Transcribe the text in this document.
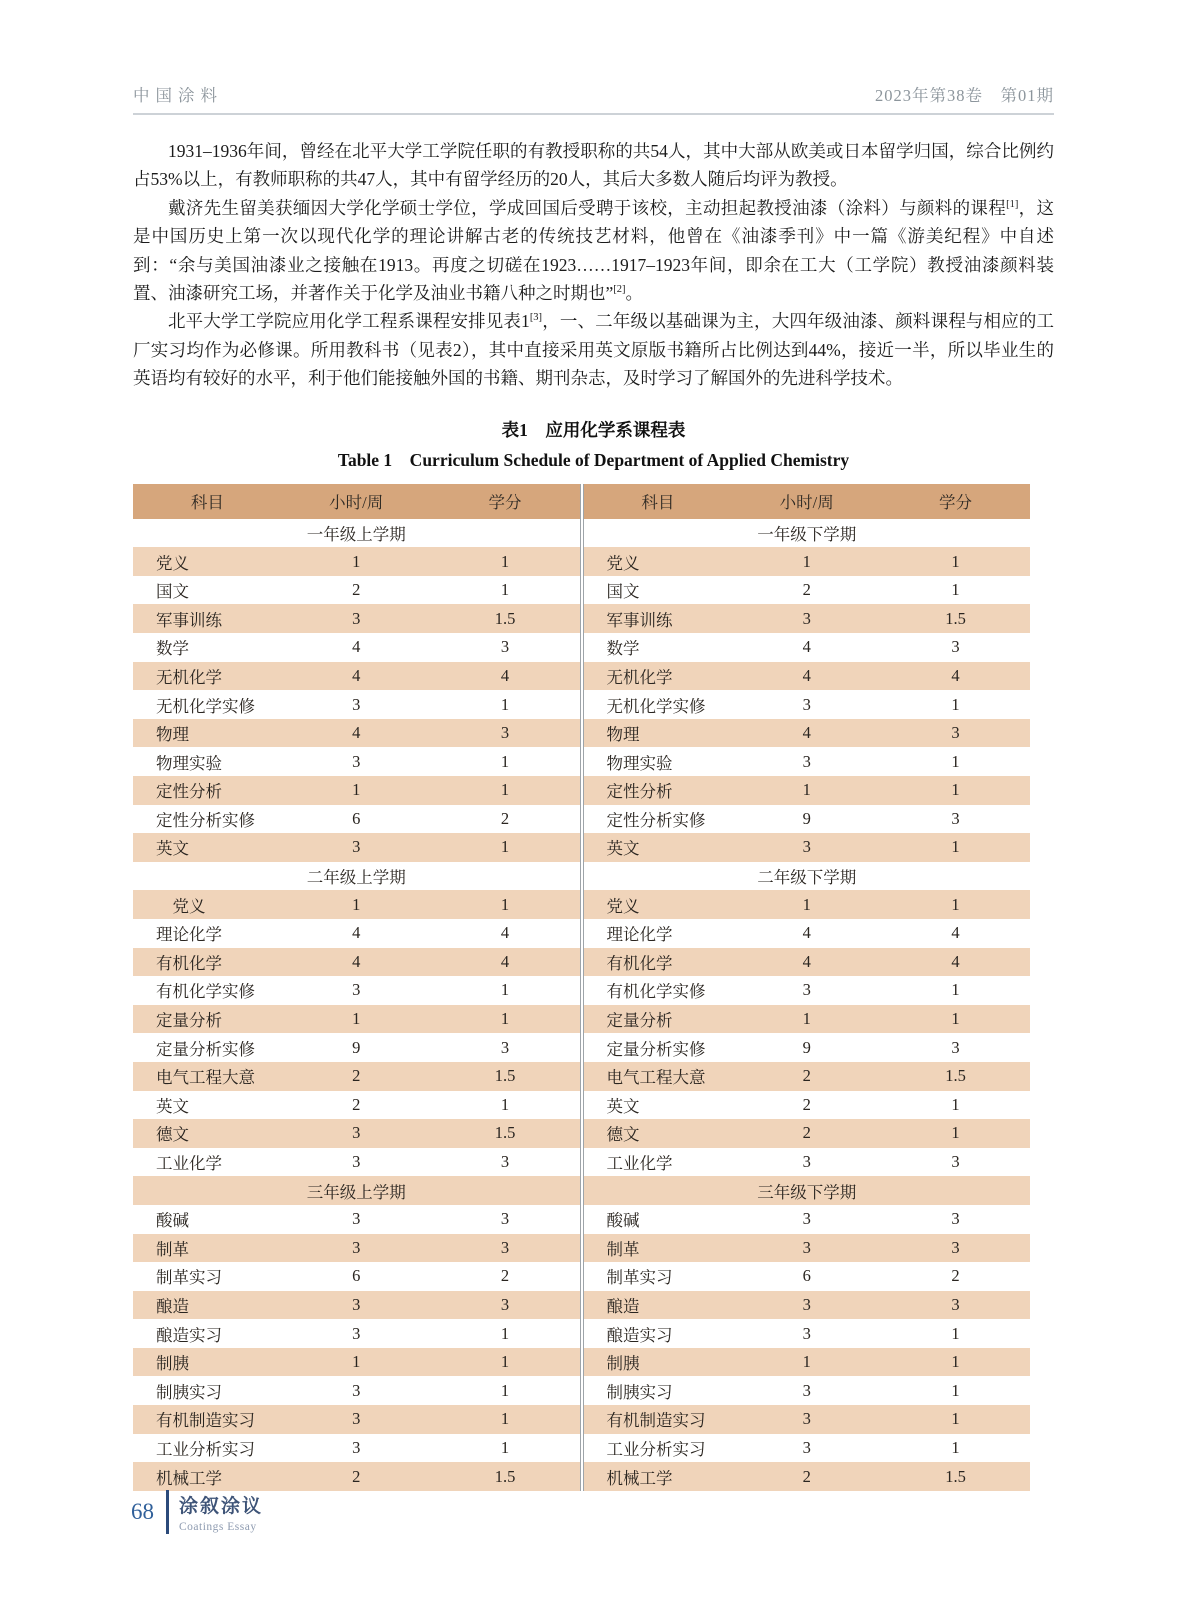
中国涂料	2023年第38卷　第01期

1931–1936年间，曾经在北平大学工学院任职的有教授职称的共54人，其中大部从欧美或日本留学归国，综合比例约占53%以上，有教师职称的共47人，其中有留学经历的20人，其后大多数人随后均评为教授。

戴济先生留美获缅因大学化学硕士学位，学成回国后受聘于该校，主动担起教授油漆（涂料）与颜料的课程[1]，这是中国历史上第一次以现代化学的理论讲解古老的传统技艺材料，他曾在《油漆季刊》中一篇《游美纪程》中自述到：“余与美国油漆业之接触在1913。再度之切磋在1923……1917–1923年间，即余在工大（工学院）教授油漆颜料装置、油漆研究工场，并著作关于化学及油业书籍八种之时期也”[2]。

北平大学工学院应用化学工程系课程安排见表1[3]，一、二年级以基础课为主，大四年级油漆、颜料课程与相应的工厂实习均作为必修课。所用教科书（见表2），其中直接采用英文原版书籍所占比例达到44%，接近一半，所以毕业生的英语均有较好的水平，利于他们能接触外国的书籍、期刊杂志，及时学习了解国外的先进科学技术。

表1　应用化学系课程表
Table 1　Curriculum Schedule of Department of Applied Chemistry
科目	小时/周	学分
一年级上学期
党义	1	1
国文	2	1
军事训练	3	1.5
数学	4	3
无机化学	4	4
无机化学实修	3	1
物理	4	3
物理实验	3	1
定性分析	1	1
定性分析实修	6	2
英文	3	1
二年级上学期
　党义	1	1
理论化学	4	4
有机化学	4	4
有机化学实修	3	1
定量分析	1	1
定量分析实修	9	3
电气工程大意	2	1.5
英文	2	1
德文	3	1.5
工业化学	3	3
三年级上学期
酸碱	3	3
制革	3	3
制革实习	6	2
酿造	3	3
酿造实习	3	1
制胰	1	1
制胰实习	3	1
有机制造实习	3	1
工业分析实习	3	1
机械工学	2	1.5
科目	小时/周	学分
一年级下学期
党义	1	1
国文	2	1
军事训练	3	1.5
数学	4	3
无机化学	4	4
无机化学实修	3	1
物理	4	3
物理实验	3	1
定性分析	1	1
定性分析实修	9	3
英文	3	1
二年级下学期
党义	1	1
理论化学	4	4
有机化学	4	4
有机化学实修	3	1
定量分析	1	1
定量分析实修	9	3
电气工程大意	2	1.5
英文	2	1
德文	2	1
工业化学	3	3
三年级下学期
酸碱	3	3
制革	3	3
制革实习	6	2
酿造	3	3
酿造实习	3	1
制胰	1	1
制胰实习	3	1
有机制造实习	3	1
工业分析实习	3	1
机械工学	2	1.5
68 涂叙涂议
Coatings Essay
